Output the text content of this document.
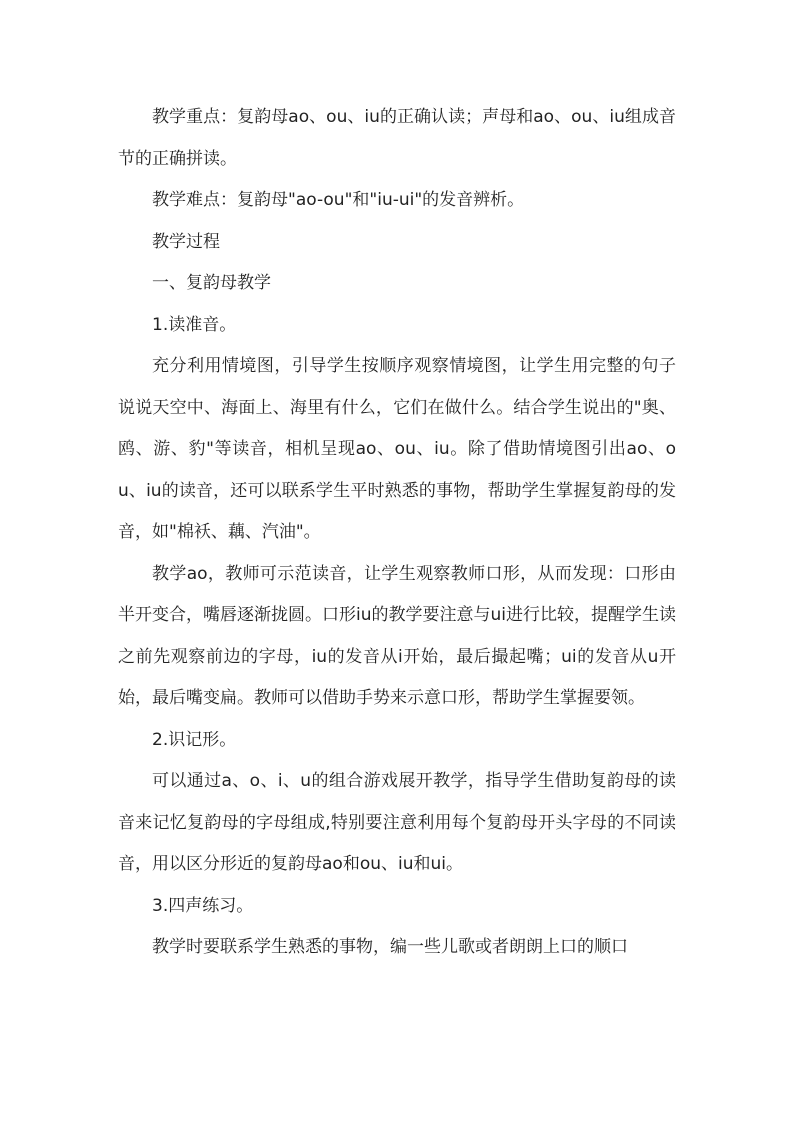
教学重点：复韵母ao、ou、iu的正确认读；声母和ao、ou、iu组成音节的正确拼读。

教学难点：复韵母"ao-ou"和"iu-ui"的发音辨析。

教学过程

一、复韵母教学

1.读准音。

充分利用情境图，引导学生按顺序观察情境图，让学生用完整的句子说说天空中、海面上、海里有什么，它们在做什么。结合学生说出的"奥、鸥、游、豹"等读音，相机呈现ao、ou、iu。除了借助情境图引出ao、ou、iu的读音，还可以联系学生平时熟悉的事物，帮助学生掌握复韵母的发音，如"棉袄、藕、汽油"。

教学ao，教师可示范读音，让学生观察教师口形，从而发现：口形由半开变合，嘴唇逐渐拢圆。口形iu的教学要注意与ui进行比较，提醒学生读之前先观察前边的字母，iu的发音从i开始，最后撮起嘴；ui的发音从u开始，最后嘴变扁。教师可以借助手势来示意口形，帮助学生掌握要领。

2.识记形。

可以通过a、o、i、u的组合游戏展开教学，指导学生借助复韵母的读音来记忆复韵母的字母组成,特别要注意利用每个复韵母开头字母的不同读音，用以区分形近的复韵母ao和ou、iu和ui。

3.四声练习。

教学时要联系学生熟悉的事物，编一些儿歌或者朗朗上口的顺口
